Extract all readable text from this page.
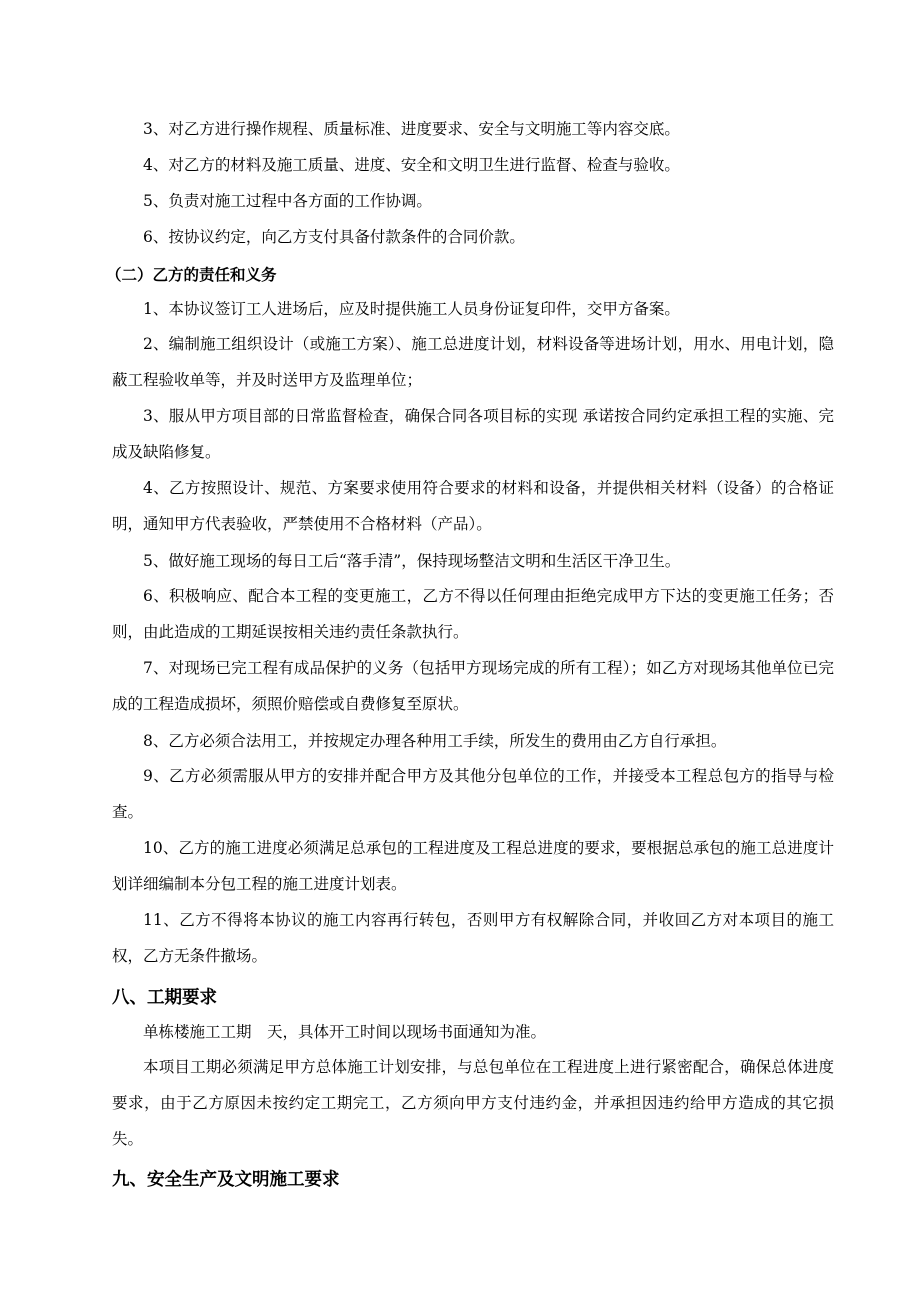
3、对乙方进行操作规程、质量标准、进度要求、安全与文明施工等内容交底。
4、对乙方的材料及施工质量、进度、安全和文明卫生进行监督、检查与验收。
5、负责对施工过程中各方面的工作协调。
6、按协议约定，向乙方支付具备付款条件的合同价款。
（二）乙方的责任和义务
1、本协议签订工人进场后，应及时提供施工人员身份证复印件，交甲方备案。
2、编制施工组织设计（或施工方案）、施工总进度计划，材料设备等进场计划，用水、用电计划，隐蔽工程验收单等，并及时送甲方及监理单位；
3、服从甲方项目部的日常监督检查，确保合同各项目标的实现 承诺按合同约定承担工程的实施、完成及缺陷修复。
4、乙方按照设计、规范、方案要求使用符合要求的材料和设备，并提供相关材料（设备）的合格证明，通知甲方代表验收，严禁使用不合格材料（产品）。
5、做好施工现场的每日工后“落手清”，保持现场整洁文明和生活区干净卫生。
6、积极响应、配合本工程的变更施工，乙方不得以任何理由拒绝完成甲方下达的变更施工任务；否则，由此造成的工期延误按相关违约责任条款执行。
7、对现场已完工程有成品保护的义务（包括甲方现场完成的所有工程）；如乙方对现场其他单位已完成的工程造成损坏，须照价赔偿或自费修复至原状。
8、乙方必须合法用工，并按规定办理各种用工手续，所发生的费用由乙方自行承担。
9、乙方必须需服从甲方的安排并配合甲方及其他分包单位的工作，并接受本工程总包方的指导与检查。
10、乙方的施工进度必须满足总承包的工程进度及工程总进度的要求，要根据总承包的施工总进度计划详细编制本分包工程的施工进度计划表。
11、乙方不得将本协议的施工内容再行转包，否则甲方有权解除合同，并收回乙方对本项目的施工权，乙方无条件撤场。
八、工期要求
单栋楼施工工期　天，具体开工时间以现场书面通知为准。
本项目工期必须满足甲方总体施工计划安排，与总包单位在工程进度上进行紧密配合，确保总体进度要求，由于乙方原因未按约定工期完工，乙方须向甲方支付违约金，并承担因违约给甲方造成的其它损失。
九、安全生产及文明施工要求
